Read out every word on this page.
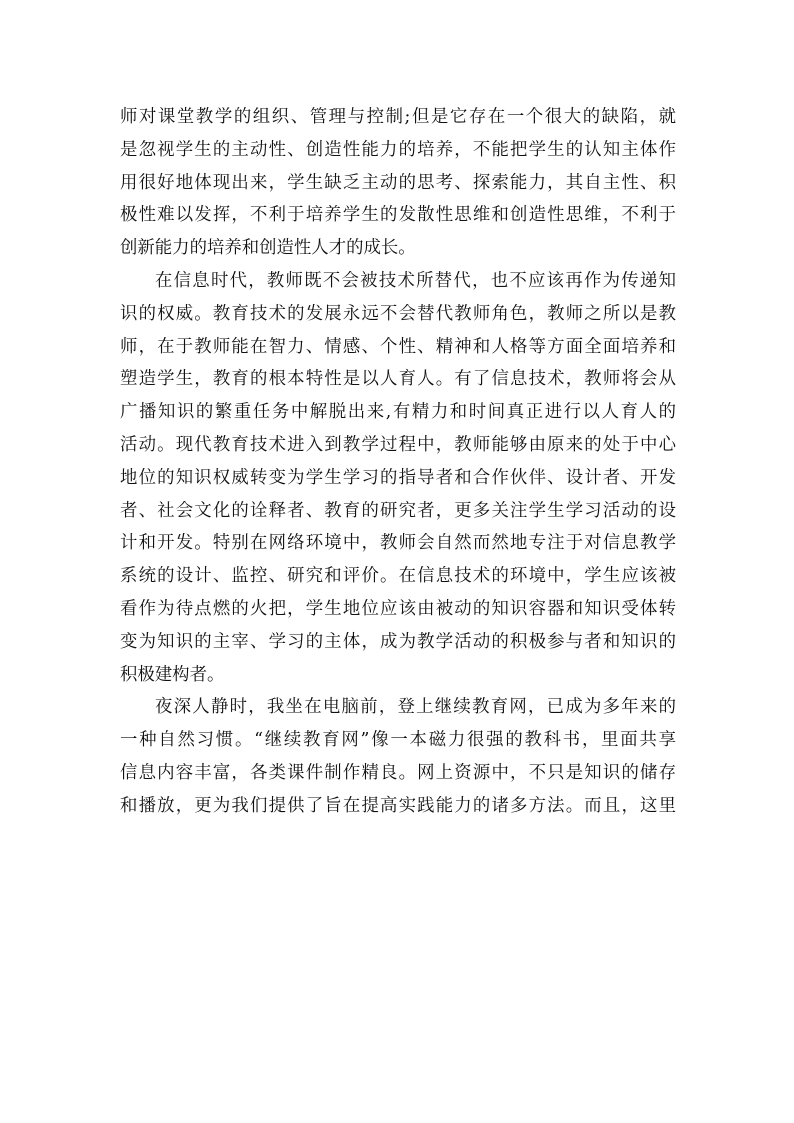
师对课堂教学的组织、管理与控制;但是它存在一个很大的缺陷，就
是忽视学生的主动性、创造性能力的培养，不能把学生的认知主体作
用很好地体现出来，学生缺乏主动的思考、探索能力，其自主性、积
极性难以发挥，不利于培养学生的发散性思维和创造性思维，不利于
创新能力的培养和创造性人才的成长。

在信息时代，教师既不会被技术所替代，也不应该再作为传递知
识的权威。教育技术的发展永远不会替代教师角色，教师之所以是教
师，在于教师能在智力、情感、个性、精神和人格等方面全面培养和
塑造学生，教育的根本特性是以人育人。有了信息技术，教师将会从
广播知识的繁重任务中解脱出来,有精力和时间真正进行以人育人的
活动。现代教育技术进入到教学过程中，教师能够由原来的处于中心
地位的知识权威转变为学生学习的指导者和合作伙伴、设计者、开发
者、社会文化的诠释者、教育的研究者，更多关注学生学习活动的设
计和开发。特别在网络环境中，教师会自然而然地专注于对信息教学
系统的设计、监控、研究和评价。在信息技术的环境中，学生应该被
看作为待点燃的火把，学生地位应该由被动的知识容器和知识受体转
变为知识的主宰、学习的主体，成为教学活动的积极参与者和知识的
积极建构者。

夜深人静时，我坐在电脑前，登上继续教育网，已成为多年来的
一种自然习惯。“继续教育网”像一本磁力很强的教科书，里面共享
信息内容丰富，各类课件制作精良。网上资源中，不只是知识的储存
和播放，更为我们提供了旨在提高实践能力的诸多方法。而且，这里
